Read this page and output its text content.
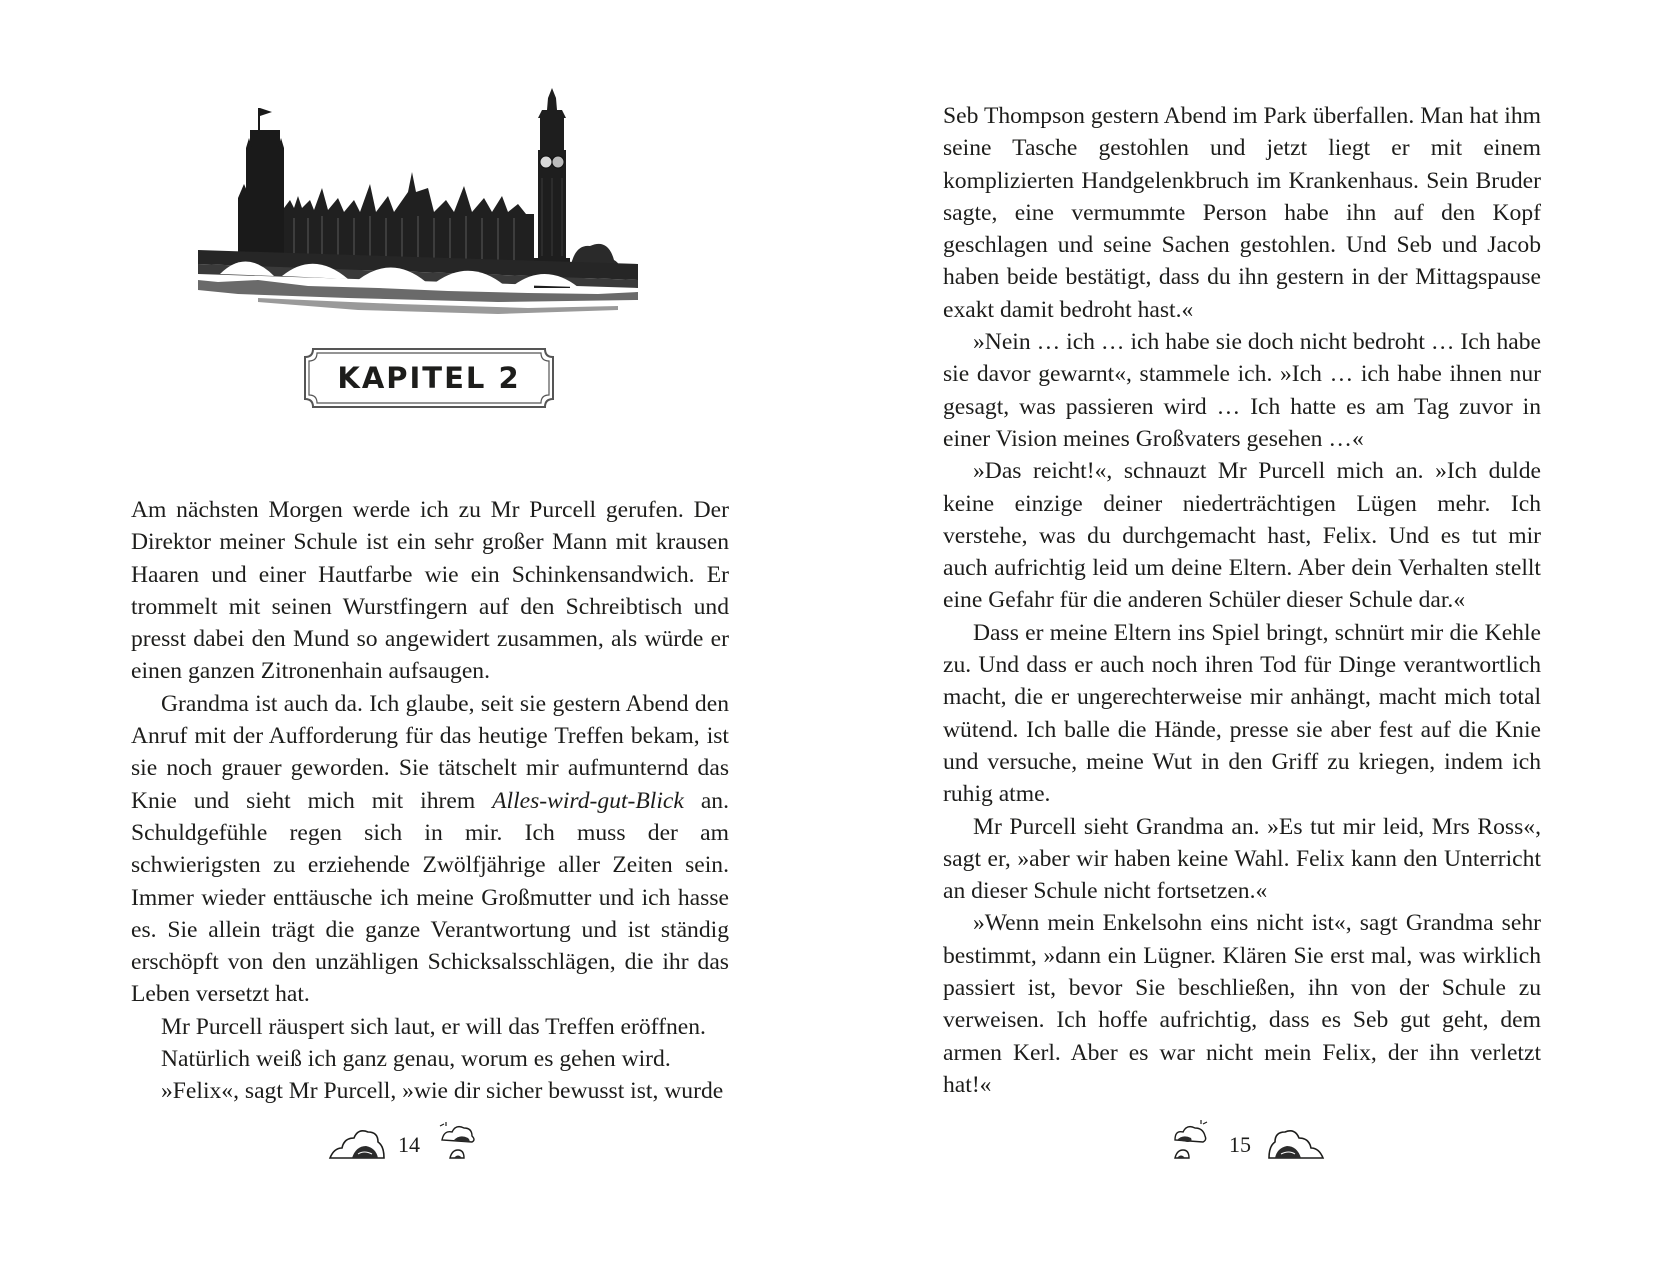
KAPITEL 2

Am nächsten Morgen werde ich zu Mr Purcell gerufen. Der Direktor meiner Schule ist ein sehr großer Mann mit krausen Haaren und einer Hautfarbe wie ein Schinkensandwich. Er trommelt mit seinen Wurstfingern auf den Schreibtisch und presst dabei den Mund so angewidert zusammen, als würde er einen ganzen Zitronenhain aufsaugen.

Grandma ist auch da. Ich glaube, seit sie gestern Abend den Anruf mit der Aufforderung für das heutige Treffen bekam, ist sie noch grauer geworden. Sie tätschelt mir aufmunternd das Knie und sieht mich mit ihrem Alles-wird-gut-Blick an. Schuldgefühle regen sich in mir. Ich muss der am schwierigsten zu erziehende Zwölfjährige aller Zeiten sein. Immer wieder enttäusche ich meine Großmutter und ich hasse es. Sie allein trägt die ganze Verantwortung und ist ständig erschöpft von den unzähligen Schicksalsschlägen, die ihr das Leben versetzt hat.

Mr Purcell räuspert sich laut, er will das Treffen eröffnen.

Natürlich weiß ich ganz genau, worum es gehen wird.

»Felix«, sagt Mr Purcell, »wie dir sicher bewusst ist, wurde

14

Seb Thompson gestern Abend im Park überfallen. Man hat ihm seine Tasche gestohlen und jetzt liegt er mit einem komplizierten Handgelenkbruch im Krankenhaus. Sein Bruder sagte, eine vermummte Person habe ihn auf den Kopf geschlagen und seine Sachen gestohlen. Und Seb und Jacob haben beide bestätigt, dass du ihn gestern in der Mittagspause exakt damit bedroht hast.«

»Nein … ich … ich habe sie doch nicht bedroht … Ich habe sie davor gewarnt«, stammele ich. »Ich … ich habe ihnen nur gesagt, was passieren wird … Ich hatte es am Tag zuvor in einer Vision meines Großvaters gesehen …«

»Das reicht!«, schnauzt Mr Purcell mich an. »Ich dulde keine einzige deiner niederträchtigen Lügen mehr. Ich verstehe, was du durchgemacht hast, Felix. Und es tut mir auch aufrichtig leid um deine Eltern. Aber dein Verhalten stellt eine Gefahr für die anderen Schüler dieser Schule dar.«

Dass er meine Eltern ins Spiel bringt, schnürt mir die Kehle zu. Und dass er auch noch ihren Tod für Dinge verantwortlich macht, die er ungerechterweise mir anhängt, macht mich total wütend. Ich balle die Hände, presse sie aber fest auf die Knie und versuche, meine Wut in den Griff zu kriegen, indem ich ruhig atme.

Mr Purcell sieht Grandma an. »Es tut mir leid, Mrs Ross«, sagt er, »aber wir haben keine Wahl. Felix kann den Unterricht an dieser Schule nicht fortsetzen.«

»Wenn mein Enkelsohn eins nicht ist«, sagt Grandma sehr bestimmt, »dann ein Lügner. Klären Sie erst mal, was wirklich passiert ist, bevor Sie beschließen, ihn von der Schule zu verweisen. Ich hoffe aufrichtig, dass es Seb gut geht, dem armen Kerl. Aber es war nicht mein Felix, der ihn verletzt hat!«

15
